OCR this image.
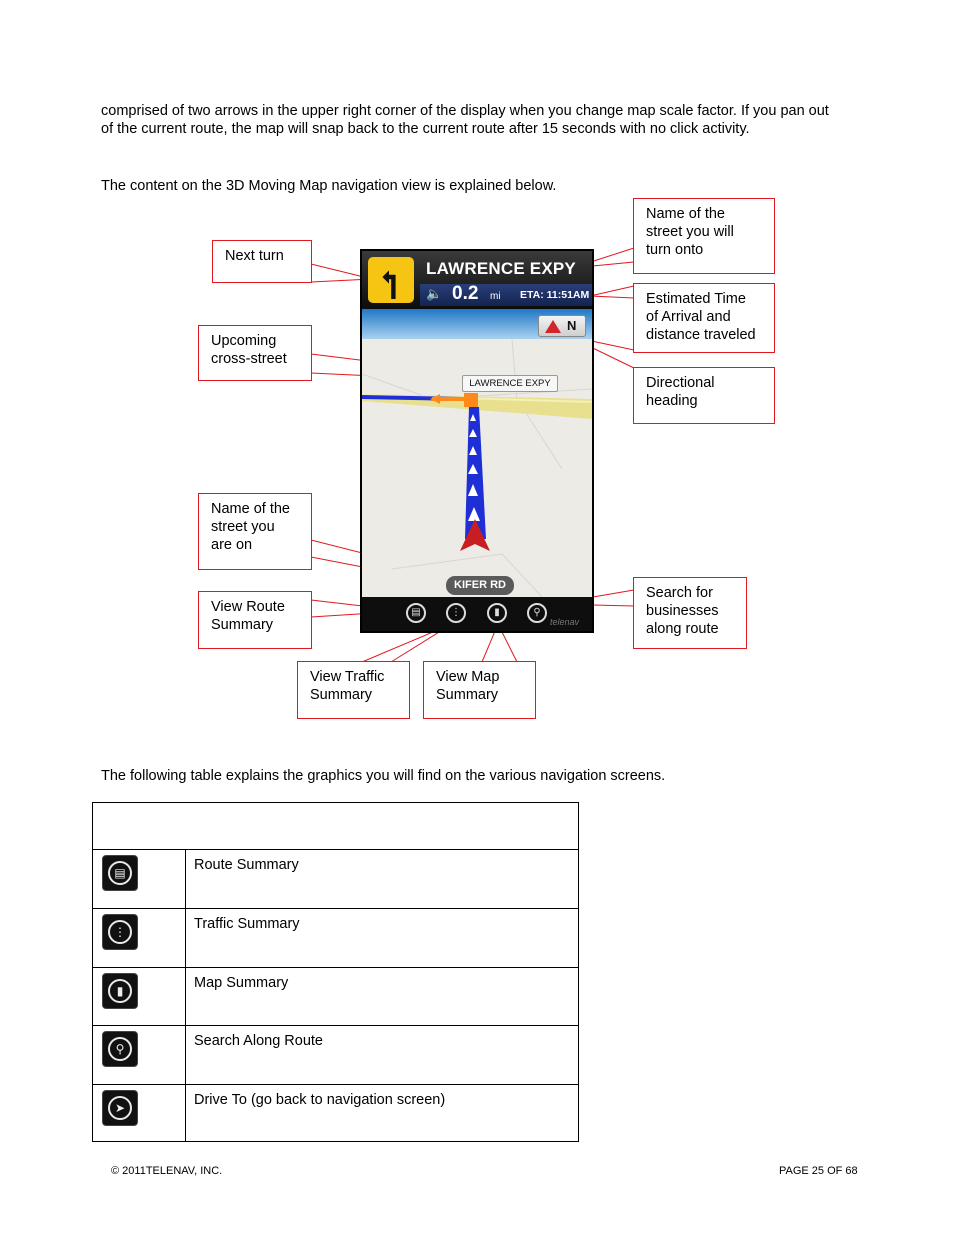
comprised of two arrows in the upper right corner of the display when you change map scale factor. If you pan out
of the current route, the map will snap back to the current route after 15 seconds with no click activity.
The content on the 3D Moving Map navigation view is explained below.
Next turn
Upcoming
cross-street
Name of the
street you
are on
View Route
Summary
View Traffic
Summary
View Map
Summary
Name of the
street you will
turn onto
Estimated Time
of Arrival and
distance traveled
Directional
heading
Search for
businesses
along route
LAWRENCE EXPY
🔈 0.2 mi ETA: 11:51AM
N
LAWRENCE EXPY
KIFER RD
▤	⋮	▮	⚲
telenav
The following table explains the graphics you will find on the various navigation screens.
▤	Route Summary
⋮	Traffic Summary
▮	Map Summary
⚲	Search Along Route
➤	Drive To (go back to navigation screen)
© 2011TELENAV, INC.	PAGE 25 OF 68
